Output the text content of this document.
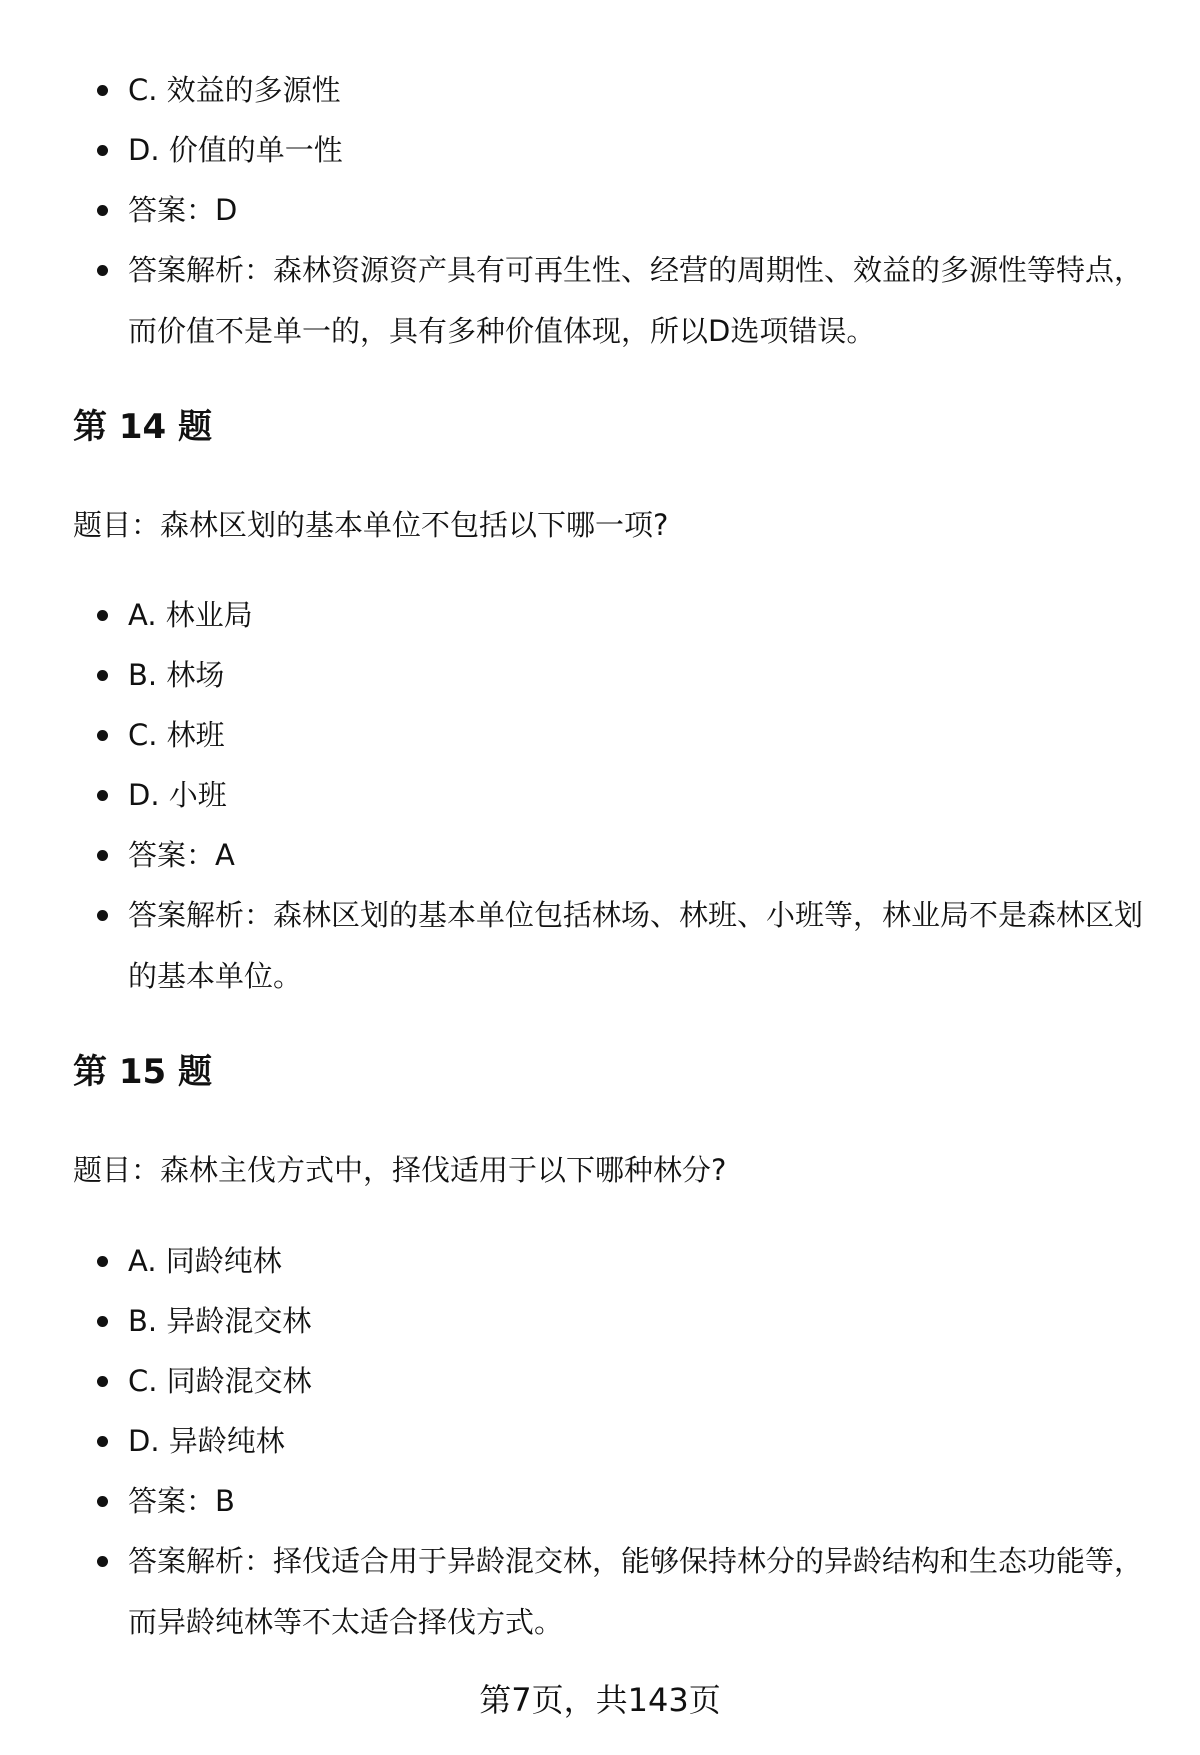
C. 效益的多源性
D. 价值的单一性
答案：D
答案解析：森林资源资产具有可再生性、经营的周期性、效益的多源性等特点，而价值不是单一的，具有多种价值体现，所以D选项错误。
第 14 题

题目：森林区划的基本单位不包括以下哪一项?

A. 林业局
B. 林场
C. 林班
D. 小班
答案：A
答案解析：森林区划的基本单位包括林场、林班、小班等，林业局不是森林区划的基本单位。
第 15 题

题目：森林主伐方式中，择伐适用于以下哪种林分?

A. 同龄纯林
B. 异龄混交林
C. 同龄混交林
D. 异龄纯林
答案：B
答案解析：择伐适合用于异龄混交林，能够保持林分的异龄结构和生态功能等，而异龄纯林等不太适合择伐方式。
第7页，共143页
